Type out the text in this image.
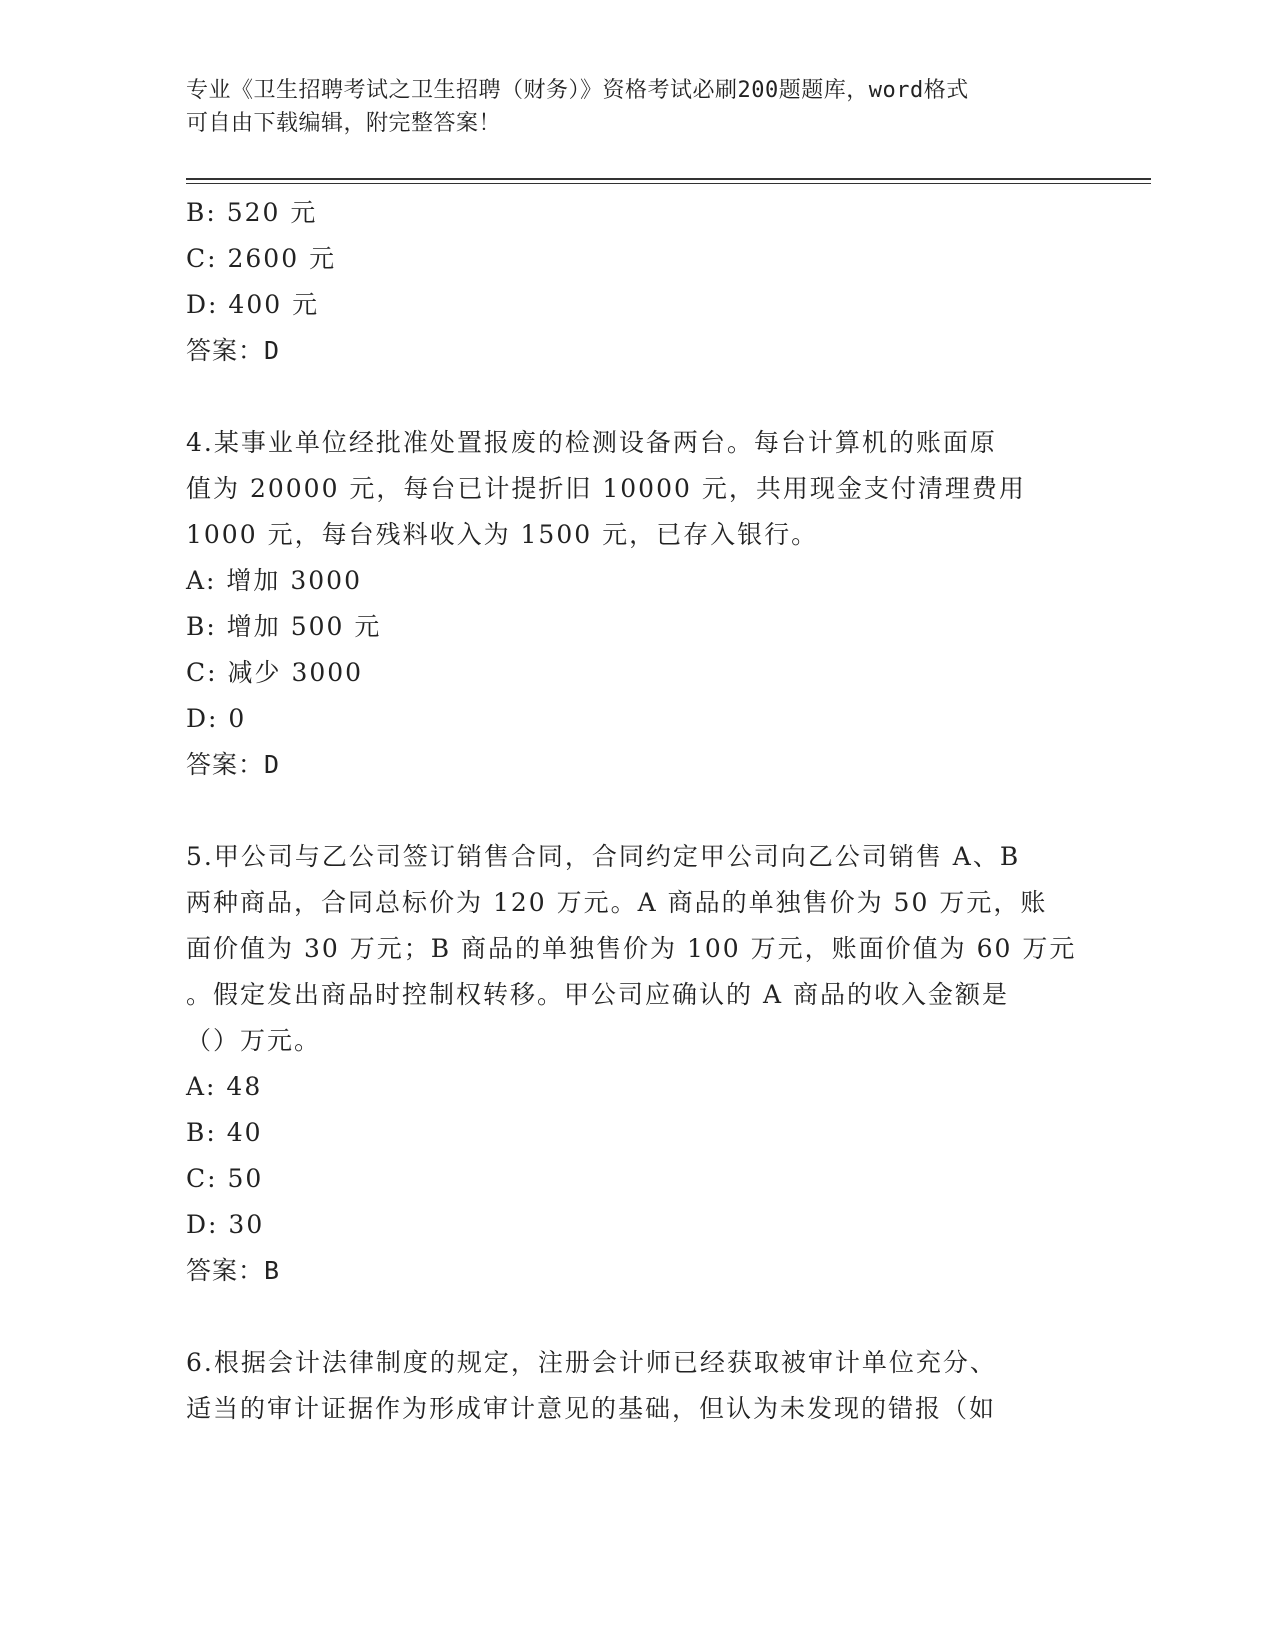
专业《卫生招聘考试之卫生招聘（财务）》资格考试必刷200题题库，word格式
可自由下载编辑，附完整答案！
B: 520 元
C: 2600 元
D: 400 元
答案：D
4.某事业单位经批准处置报废的检测设备两台。每台计算机的账面原
值为 20000 元，每台已计提折旧 10000 元，共用现金支付清理费用
1000 元，每台残料收入为 1500 元，已存入银行。
A: 增加 3000
B: 增加 500 元
C: 减少 3000
D: 0
答案：D
5.甲公司与乙公司签订销售合同，合同约定甲公司向乙公司销售 A、B
两种商品，合同总标价为 120 万元。A 商品的单独售价为 50 万元，账
面价值为 30 万元；B 商品的单独售价为 100 万元，账面价值为 60 万元
。假定发出商品时控制权转移。甲公司应确认的 A 商品的收入金额是
（）万元。
A: 48
B: 40
C: 50
D: 30
答案：B
6.根据会计法律制度的规定，注册会计师已经获取被审计单位充分、
适当的审计证据作为形成审计意见的基础，但认为未发现的错报（如
